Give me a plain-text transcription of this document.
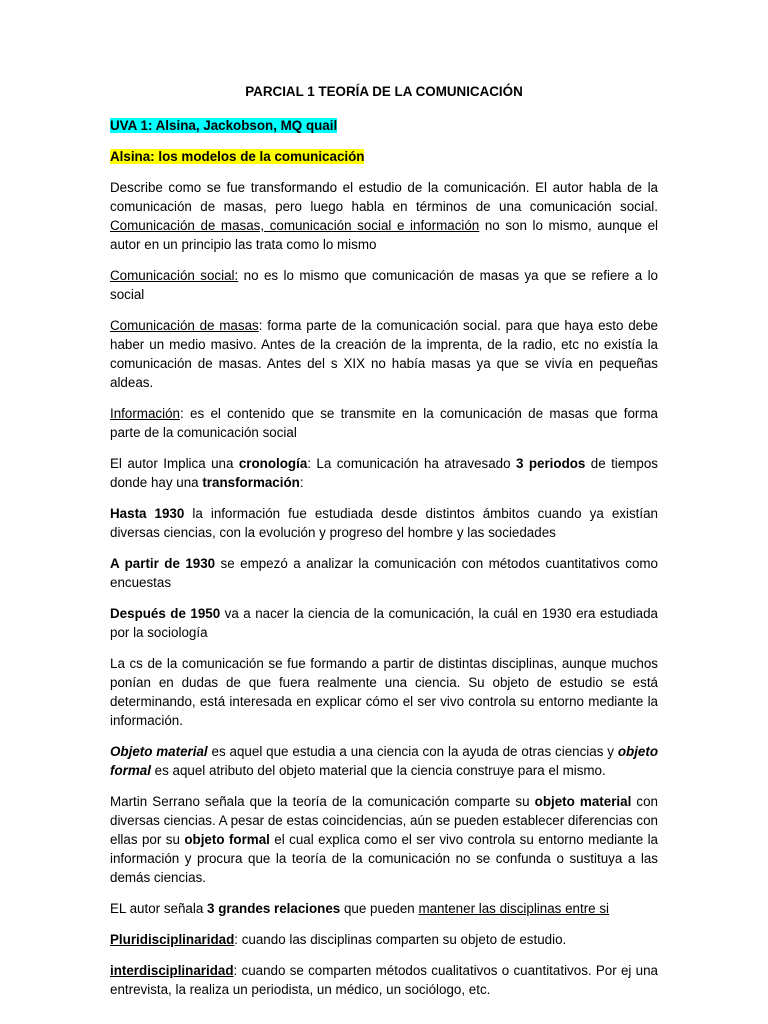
PARCIAL 1 TEORÍA DE LA COMUNICACIÓN

UVA 1: Alsina, Jackobson, MQ quail

Alsina: los modelos de la comunicación

Describe como se fue transformando el estudio de la comunicación. El autor habla de la comunicación de masas, pero luego habla en términos de una comunicación social. Comunicación de masas, comunicación social e información no son lo mismo, aunque el autor en un principio las trata como lo mismo

Comunicación social: no es lo mismo que comunicación de masas ya que se refiere a lo social

Comunicación de masas: forma parte de la comunicación social. para que haya esto debe haber un medio masivo. Antes de la creación de la imprenta, de la radio, etc no existía la comunicación de masas. Antes del s XIX no había masas ya que se vivía en pequeñas aldeas.

Información: es el contenido que se transmite en la comunicación de masas que forma parte de la comunicación social

El autor Implica una cronología: La comunicación ha atravesado 3 periodos de tiempos donde hay una transformación:

Hasta 1930 la información fue estudiada desde distintos ámbitos cuando ya existían diversas ciencias, con la evolución y progreso del hombre y las sociedades

A partir de 1930 se empezó a analizar la comunicación con métodos cuantitativos como encuestas

Después de 1950 va a nacer la ciencia de la comunicación, la cuál en 1930 era estudiada por la sociología

La cs de la comunicación se fue formando a partir de distintas disciplinas, aunque muchos ponían en dudas de que fuera realmente una ciencia. Su objeto de estudio se está determinando, está interesada en explicar cómo el ser vivo controla su entorno mediante la información.

Objeto material es aquel que estudia a una ciencia con la ayuda de otras ciencias y objeto formal es aquel atributo del objeto material que la ciencia construye para el mismo.

Martin Serrano señala que la teoría de la comunicación comparte su objeto material con diversas ciencias. A pesar de estas coincidencias, aún se pueden establecer diferencias con ellas por su objeto formal el cual explica como el ser vivo controla su entorno mediante la información y procura que la teoría de la comunicación no se confunda o sustituya a las demás ciencias.

EL autor señala 3 grandes relaciones que pueden mantener las disciplinas entre si

Pluridisciplinaridad: cuando las disciplinas comparten su objeto de estudio.

interdisciplinaridad: cuando se comparten métodos cualitativos o cuantitativos. Por ej una entrevista, la realiza un periodista, un médico, un sociólogo, etc.
